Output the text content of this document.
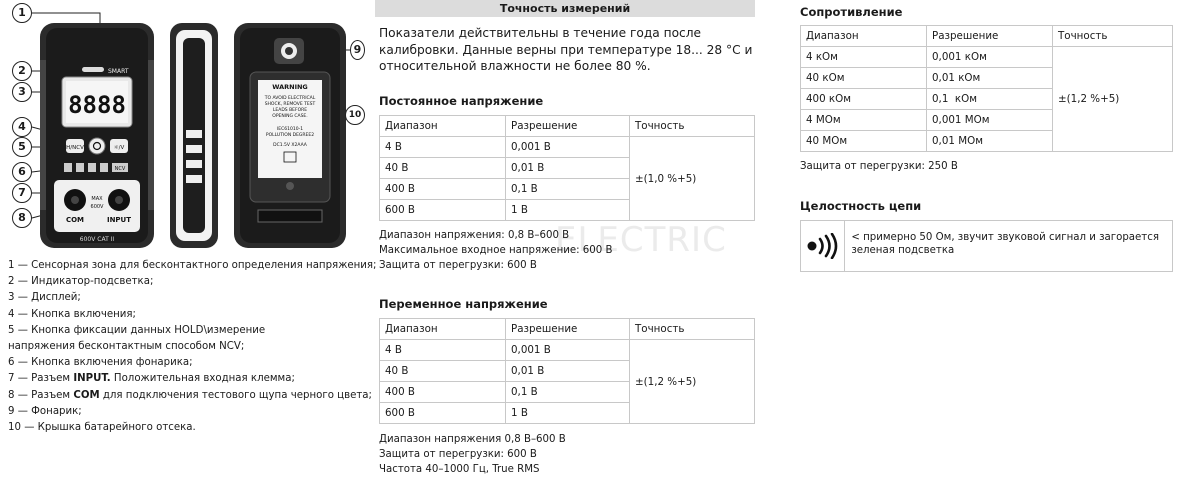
SMART
8888
H/NCV	☼/V
NCV
COM	INPUT
MAX
600V
600V CAT II
WARNING
TO AVOID ELECTRICAL
SHOCK, REMOVE TEST
LEADS BEFORE
OPENING CASE.
IEC61010-1
POLLUTION DEGREE2
DC1.5V X2AAA
1
2
3
4
5
6
7
8
9
10
1 — Сенсорная зона для бесконтактного определения напряжения;
2 — Индикатор-подсветка;
3 — Дисплей;
4 — Кнопка включения;
5 — Кнопка фиксации данных HOLD\измерение
напряжения бесконтактным способом NCV;
6 — Кнопка включения фонарика;
7 — Разъем INPUT. Положительная входная клемма;
8 — Разъем COM для подключения тестового щупа черного цвета;
9 — Фонарик;
10 — Крышка батарейного отсека.
ELECTRIC
Точность измерений
Показатели действительны в течение года после калибровки. Данные верны при температуре 18... 28 °С и относительной влажности не более 80 %.
Постоянное напряжение
Диапазон	Разрешение	Точность
4 В	0,001 В	±(1,0 %+5)
40 В	0,01 В	
400 В	0,1 В	
600 В	1 В	
Диапазон напряжения: 0,8 В–600 В
Максимальное входное напряжение: 600 В
Защита от перегрузки: 600 В
Переменное напряжение
Диапазон	Разрешение	Точность
4 В	0,001 В	±(1,2 %+5)
40 В	0,01 В	
400 В	0,1 В	
600 В	1 В	
Диапазон напряжения 0,8 В–600 В
Защита от перегрузки: 600 В
Частота 40–1000 Гц, True RMS
Сопротивление
Диапазон	Разрешение	Точность
4 кОм	0,001 кОм	±(1,2 %+5)
40 кОм	0,01 кОм	
400 кОм	0,1  кОм	
4 МОм	0,001 МОм	
40 МОм	0,01 МОм	
Защита от перегрузки: 250 В
Целостность цепи
< примерно 50 Ом, звучит звуковой сигнал и загорается зеленая подсветка
